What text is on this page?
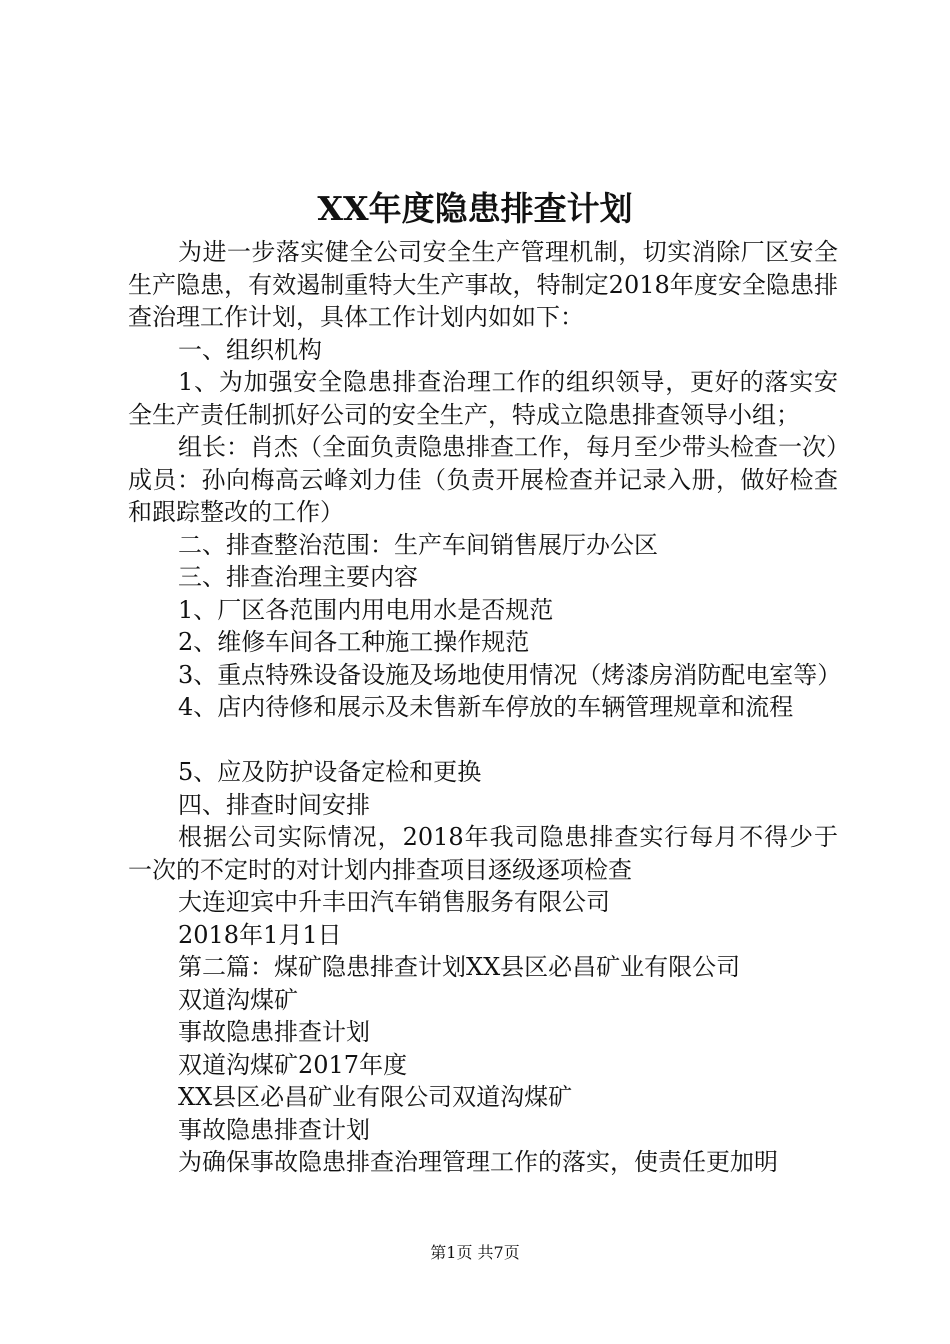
XX年度隐患排查计划

为进一步落实健全公司安全生产管理机制，切实消除厂区安全生产隐患，有效遏制重特大生产事故，特制定2018年度安全隐患排查治理工作计划，具体工作计划内如如下：

一、组织机构

1、为加强安全隐患排查治理工作的组织领导，更好的落实安全生产责任制抓好公司的安全生产，特成立隐患排查领导小组；

组长：肖杰（全面负责隐患排查工作，每月至少带头检查一次）成员：孙向梅高云峰刘力佳（负责开展检查并记录入册，做好检查和跟踪整改的工作）

二、排查整治范围：生产车间销售展厅办公区

三、排查治理主要内容

1、厂区各范围内用电用水是否规范

2、维修车间各工种施工操作规范

3、重点特殊设备设施及场地使用情况（烤漆房消防配电室等）

4、店内待修和展示及未售新车停放的车辆管理规章和流程

5、应及防护设备定检和更换

四、排查时间安排

根据公司实际情况，2018年我司隐患排查实行每月不得少于一次的不定时的对计划内排查项目逐级逐项检查

大连迎宾中升丰田汽车销售服务有限公司

2018年1月1日

第二篇：煤矿隐患排查计划XX县区必昌矿业有限公司

双道沟煤矿

事故隐患排查计划

双道沟煤矿2017年度

XX县区必昌矿业有限公司双道沟煤矿

事故隐患排查计划

为确保事故隐患排查治理管理工作的落实，使责任更加明

第1页 共7页
